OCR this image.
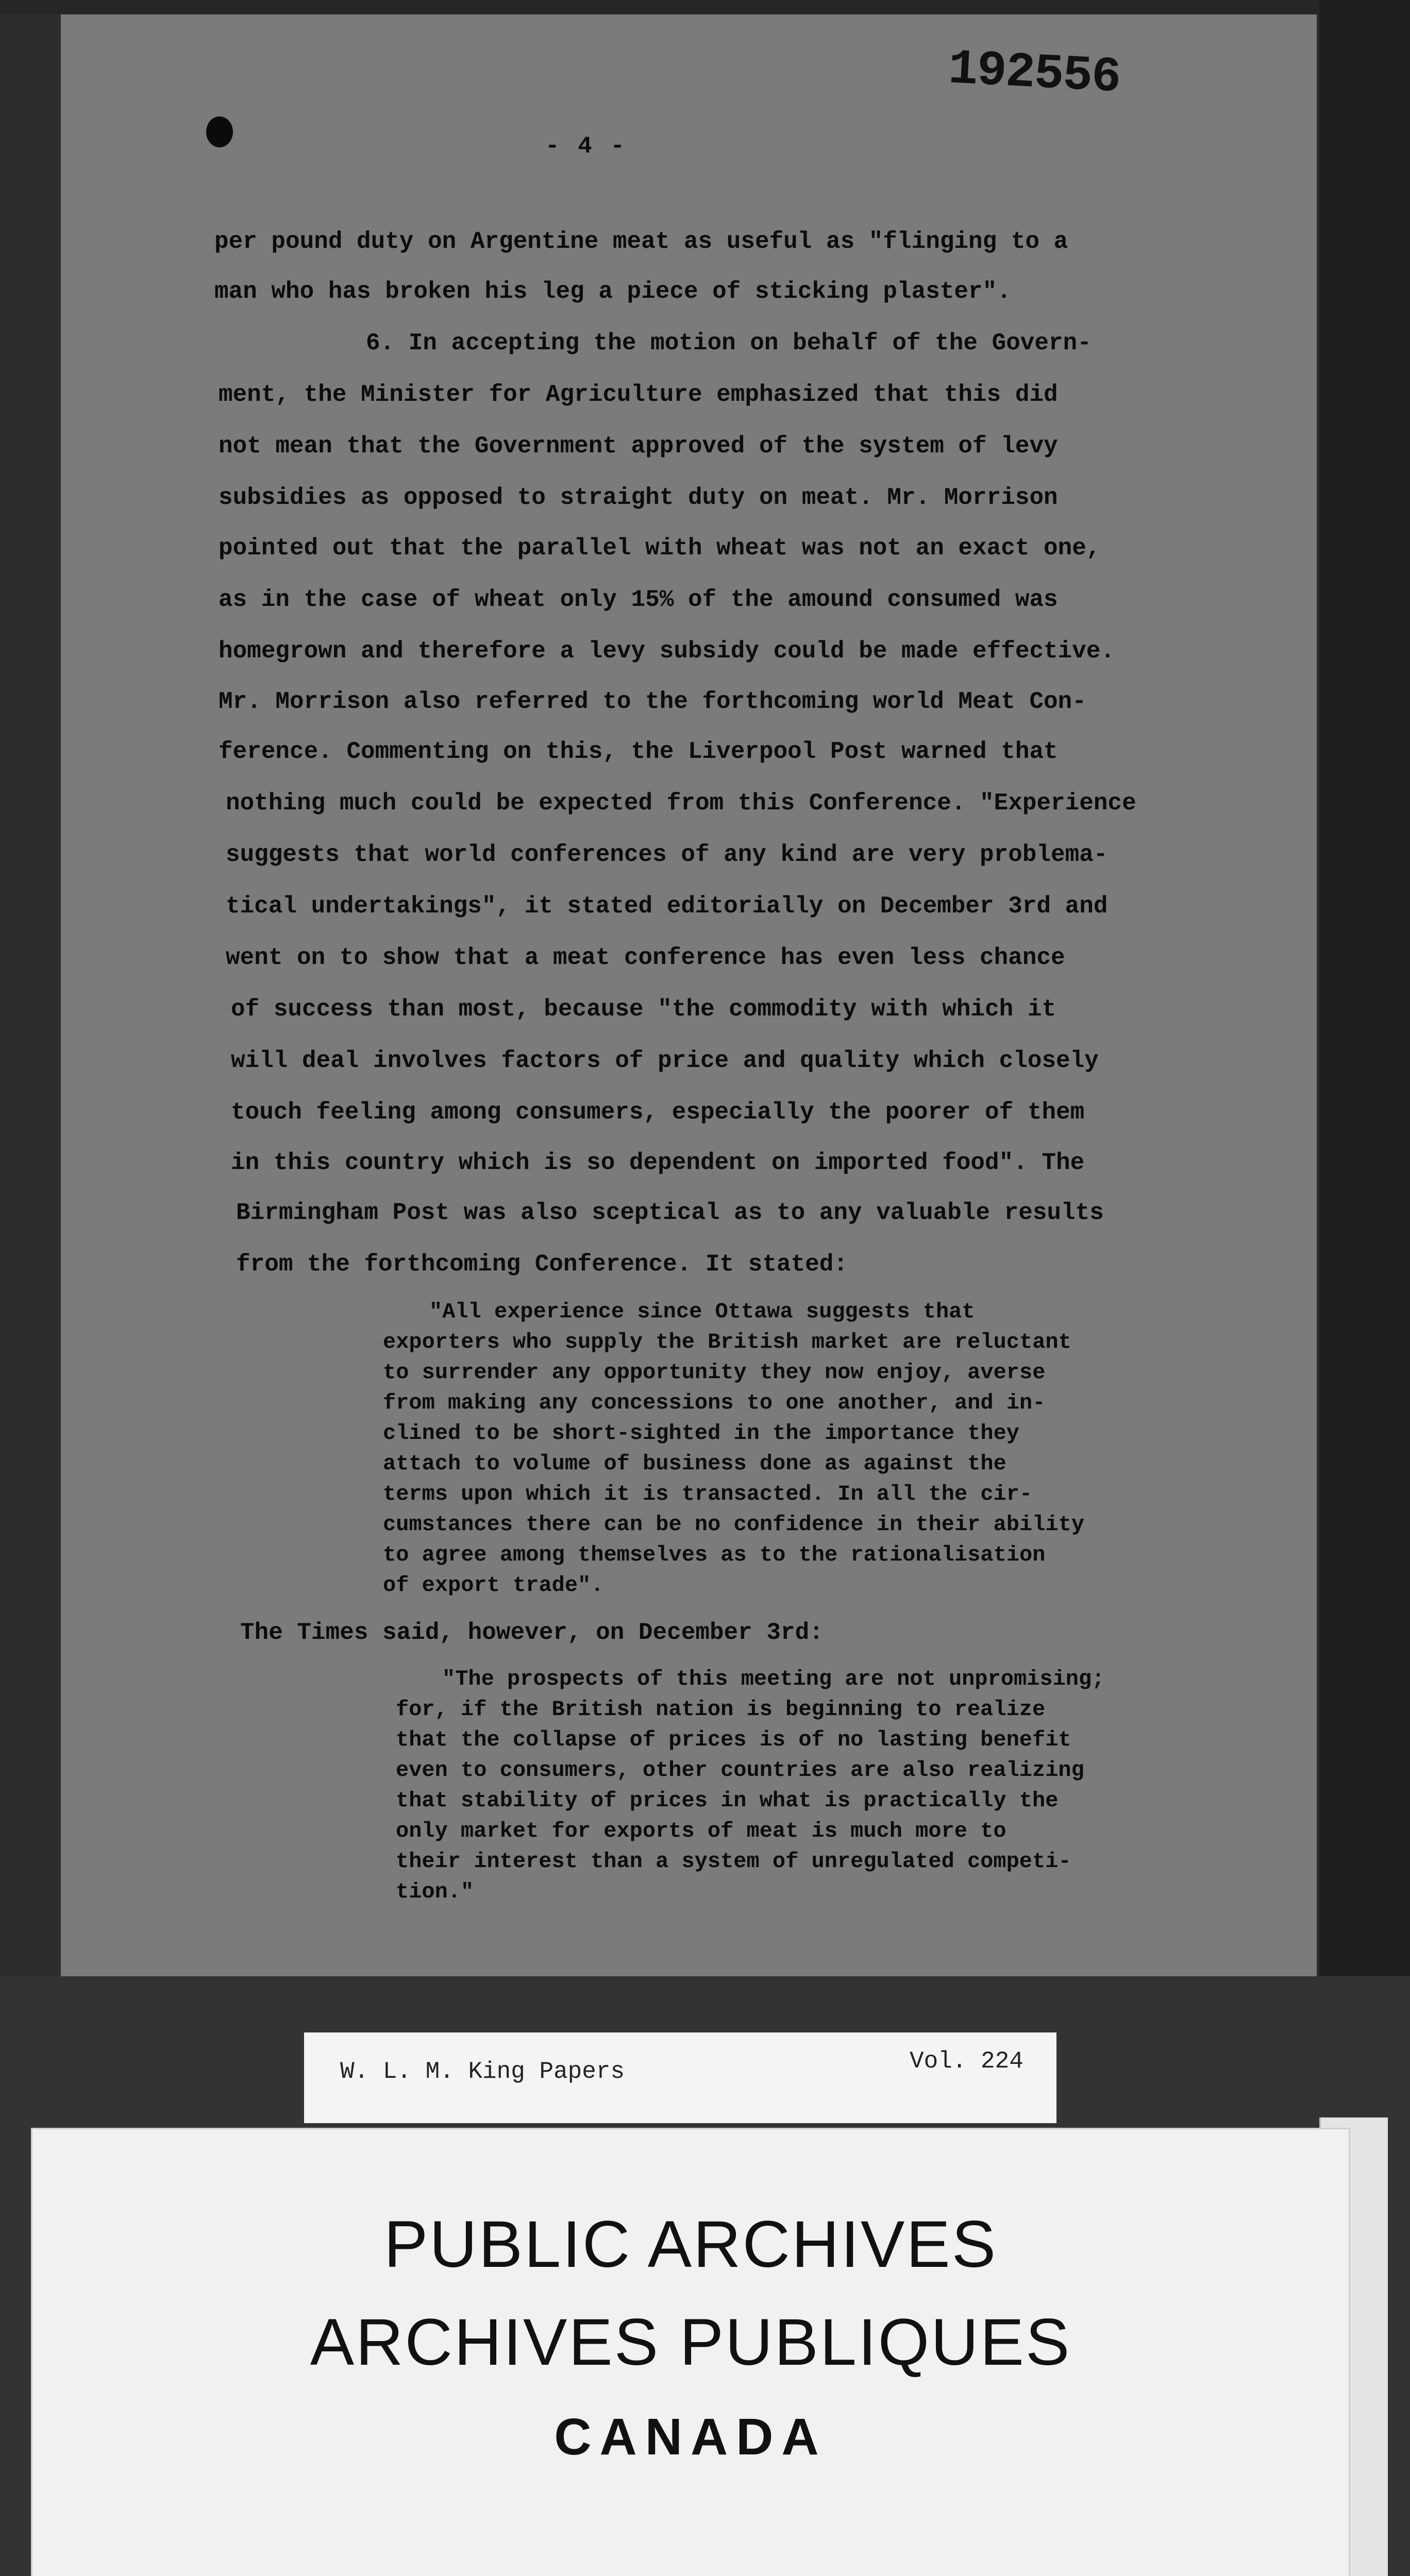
192556
- 4 -
per pound duty on Argentine meat as useful as "flinging to a
man who has broken his leg a piece of sticking plaster".
6. In accepting the motion on behalf of the Govern-
ment, the Minister for Agriculture emphasized that this did
not mean that the Government approved of the system of levy
subsidies as opposed to straight duty on meat. Mr. Morrison
pointed out that the parallel with wheat was not an exact one,
as in the case of wheat only 15% of the amound consumed was
homegrown and therefore a levy subsidy could be made effective.
Mr. Morrison also referred to the forthcoming world Meat Con-
ference. Commenting on this, the Liverpool Post warned that
nothing much could be expected from this Conference. "Experience
suggests that world conferences of any kind are very problema-
tical undertakings", it stated editorially on December 3rd and
went on to show that a meat conference has even less chance
of success than most, because "the commodity with which it
will deal involves factors of price and quality which closely
touch feeling among consumers, especially the poorer of them
in this country which is so dependent on imported food". The
Birmingham Post was also sceptical as to any valuable results
from the forthcoming Conference. It stated:
"All experience since Ottawa suggests that
exporters who supply the British market are reluctant
to surrender any opportunity they now enjoy, averse
from making any concessions to one another, and in-
clined to be short-sighted in the importance they
attach to volume of business done as against the
terms upon which it is transacted. In all the cir-
cumstances there can be no confidence in their ability
to agree among themselves as to the rationalisation
of export trade".
The Times said, however, on December 3rd:
"The prospects of this meeting are not unpromising;
for, if the British nation is beginning to realize
that the collapse of prices is of no lasting benefit
even to consumers, other countries are also realizing
that stability of prices in what is practically the
only market for exports of meat is much more to
their interest than a system of unregulated competi-
tion."
W. L. M. King Papers	Vol. 224
PUBLIC ARCHIVES
ARCHIVES PUBLIQUES
CANADA
